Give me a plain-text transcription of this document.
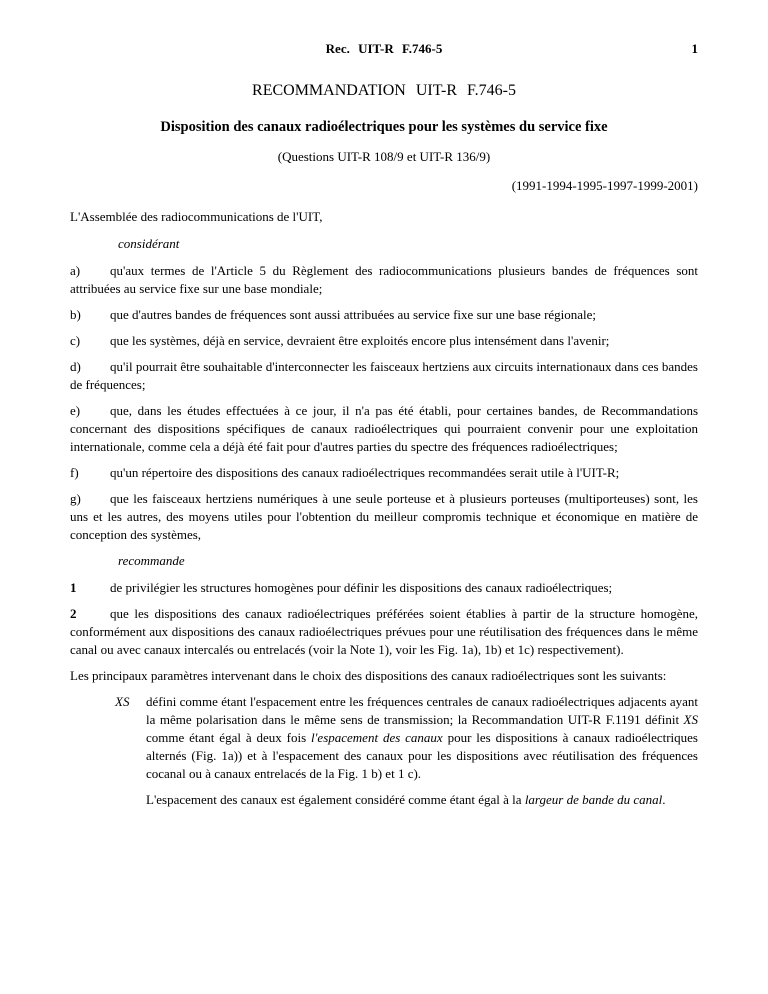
Rec. UIT-R F.746-5	1
RECOMMANDATION UIT-R F.746-5
Disposition des canaux radioélectriques pour les systèmes du service fixe
(Questions UIT-R 108/9 et UIT-R 136/9)
(1991-1994-1995-1997-1999-2001)

L'Assemblée des radiocommunications de l'UIT,

considérant

a) qu'aux termes de l'Article 5 du Règlement des radiocommunications plusieurs bandes de fréquences sont attribuées au service fixe sur une base mondiale;

b) que d'autres bandes de fréquences sont aussi attribuées au service fixe sur une base régionale;

c) que les systèmes, déjà en service, devraient être exploités encore plus intensément dans l'avenir;

d) qu'il pourrait être souhaitable d'interconnecter les faisceaux hertziens aux circuits internationaux dans ces bandes de fréquences;

e) que, dans les études effectuées à ce jour, il n'a pas été établi, pour certaines bandes, de Recommandations concernant des dispositions spécifiques de canaux radioélectriques qui pourraient convenir pour une exploitation internationale, comme cela a déjà été fait pour d'autres parties du spectre des fréquences radioélectriques;

f) qu'un répertoire des dispositions des canaux radioélectriques recommandées serait utile à l'UIT-R;

g) que les faisceaux hertziens numériques à une seule porteuse et à plusieurs porteuses (multiporteuses) sont, les uns et les autres, des moyens utiles pour l'obtention du meilleur compromis technique et économique en matière de conception des systèmes,

recommande

1	de privilégier les structures homogènes pour définir les dispositions des canaux radioélectriques;

2	que les dispositions des canaux radioélectriques préférées soient établies à partir de la structure homogène, conformément aux dispositions des canaux radioélectriques prévues pour une réutilisation des fréquences dans le même canal ou avec canaux intercalés ou entrelacés (voir la Note 1), voir les Fig. 1a), 1b) et 1c) respectivement).

Les principaux paramètres intervenant dans le choix des dispositions des canaux radioélectriques sont les suivants:

XS défini comme étant l'espacement entre les fréquences centrales de canaux radioélectriques adjacents ayant la même polarisation dans le même sens de transmission; la Recommandation UIT-R F.1191 définit XS comme étant égal à deux fois l'espacement des canaux pour les dispositions à canaux radioélectriques alternés (Fig. 1a)) et à l'espacement des canaux pour les dispositions avec réutilisation des fréquences cocanal ou à canaux entrelacés de la Fig. 1 b) et 1 c).

L'espacement des canaux est également considéré comme étant égal à la largeur de bande du canal.
